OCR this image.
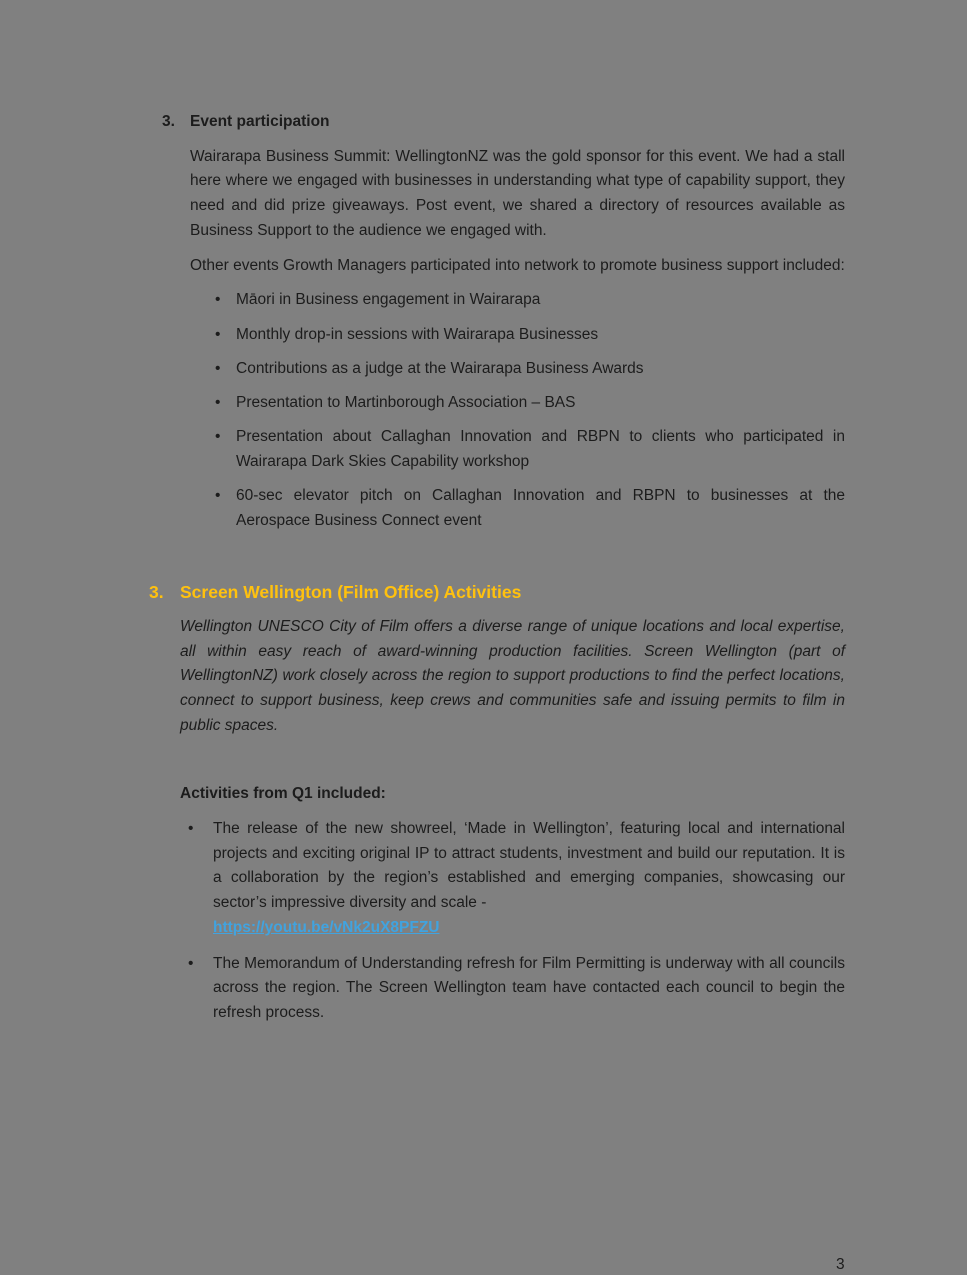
3. Event participation

Wairarapa Business Summit: WellingtonNZ was the gold sponsor for this event. We had a stall here where we engaged with businesses in understanding what type of capability support, they need and did prize giveaways. Post event, we shared a directory of resources available as Business Support to the audience we engaged with.

Other events Growth Managers participated into network to promote business support included:

• Māori in Business engagement in Wairarapa
• Monthly drop-in sessions with Wairarapa Businesses
• Contributions as a judge at the Wairarapa Business Awards
• Presentation to Martinborough Association – BAS
• Presentation about Callaghan Innovation and RBPN to clients who participated in Wairarapa Dark Skies Capability workshop
• 60-sec elevator pitch on Callaghan Innovation and RBPN to businesses at the Aerospace Business Connect event
3. Screen Wellington (Film Office) Activities

Wellington UNESCO City of Film offers a diverse range of unique locations and local expertise, all within easy reach of award-winning production facilities. Screen Wellington (part of WellingtonNZ) work closely across the region to support productions to find the perfect locations, connect to support business, keep crews and communities safe and issuing permits to film in public spaces.

Activities from Q1 included:

• The release of the new showreel, ‘Made in Wellington’, featuring local and international projects and exciting original IP to attract students, investment and build our reputation. It is a collaboration by the region’s established and emerging companies, showcasing our sector’s impressive diversity and scale -
https://youtu.be/vNk2uX8PFZU
• The Memorandum of Understanding refresh for Film Permitting is underway with all councils across the region. The Screen Wellington team have contacted each council to begin the refresh process.
3
